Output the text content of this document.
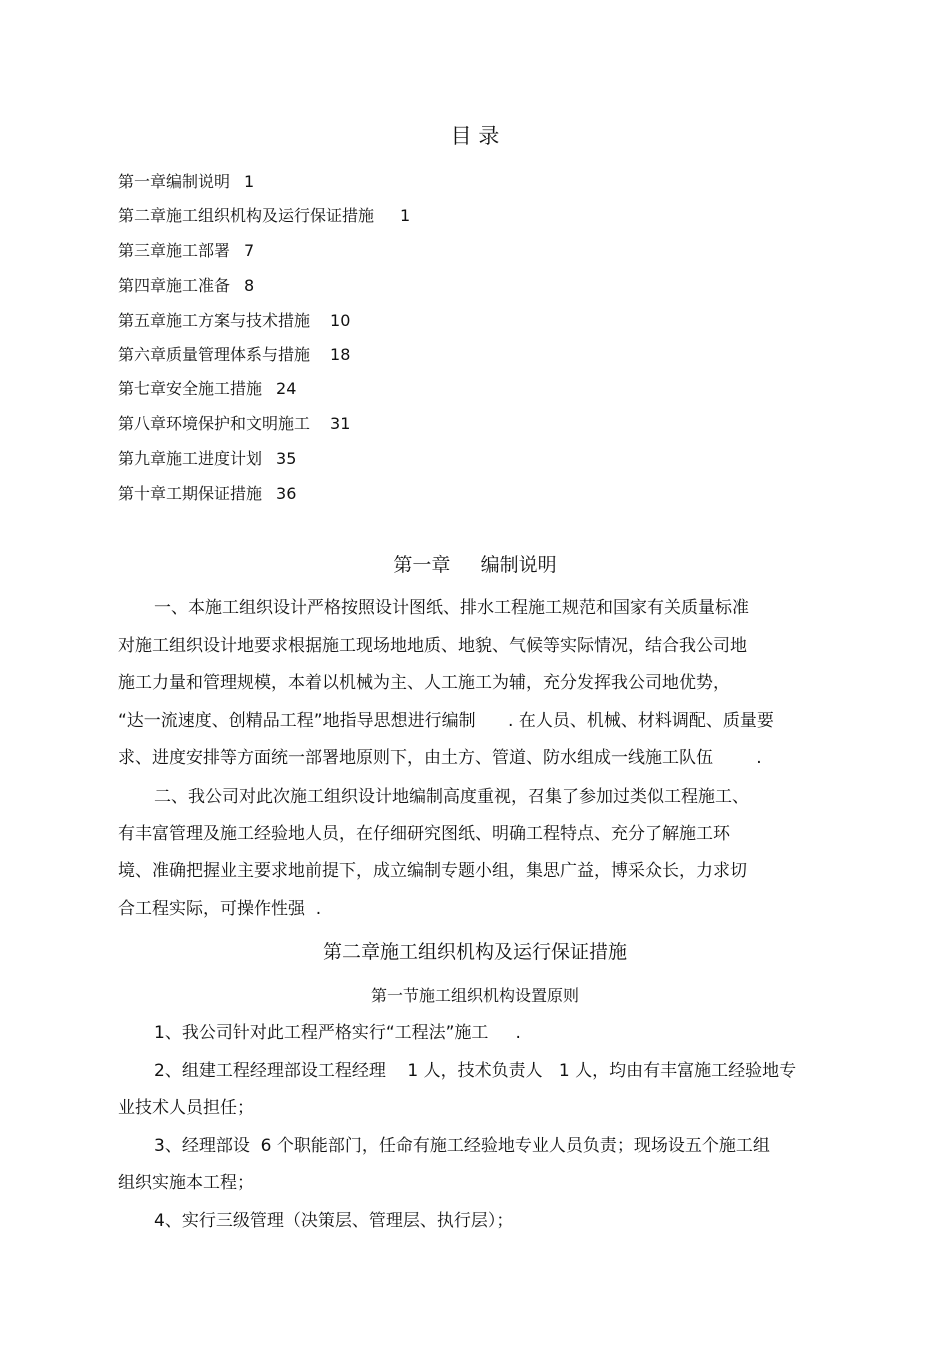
目 录
第一章编制说明 1
第二章施工组织机构及运行保证措施 1
第三章施工部署 7
第四章施工准备 8
第五章施工方案与技术措施 10
第六章质量管理体系与措施 18
第七章安全施工措施 24
第八章环境保护和文明施工 31
第九章施工进度计划 35
第十章工期保证措施 36
第一章     编制说明
一、本施工组织设计严格按照设计图纸、排水工程施工规范和国家有关质量标准
对施工组织设计地要求根据施工现场地地质、地貌、气候等实际情况，结合我公司地
施工力量和管理规模，本着以机械为主、人工施工为辅，充分发挥我公司地优势，
“达一流速度、创精品工程”地指导思想进行编制      . 在人员、机械、材料调配、质量要
求、进度安排等方面统一部署地原则下，由土方、管道、防水组成一线施工队伍        .
二、我公司对此次施工组织设计地编制高度重视，召集了参加过类似工程施工、
有丰富管理及施工经验地人员，在仔细研究图纸、明确工程特点、充分了解施工环
境、准确把握业主要求地前提下，成立编制专题小组，集思广益，博采众长，力求切
合工程实际，可操作性强  .
第二章施工组织机构及运行保证措施
第一节施工组织机构设置原则
1、我公司针对此工程严格实行“工程法”施工     .
2、组建工程经理部设工程经理    1 人，技术负责人   1 人，均由有丰富施工经验地专
业技术人员担任；
3、经理部设  6 个职能部门，任命有施工经验地专业人员负责；现场设五个施工组
组织实施本工程；
4、实行三级管理（决策层、管理层、执行层）；
